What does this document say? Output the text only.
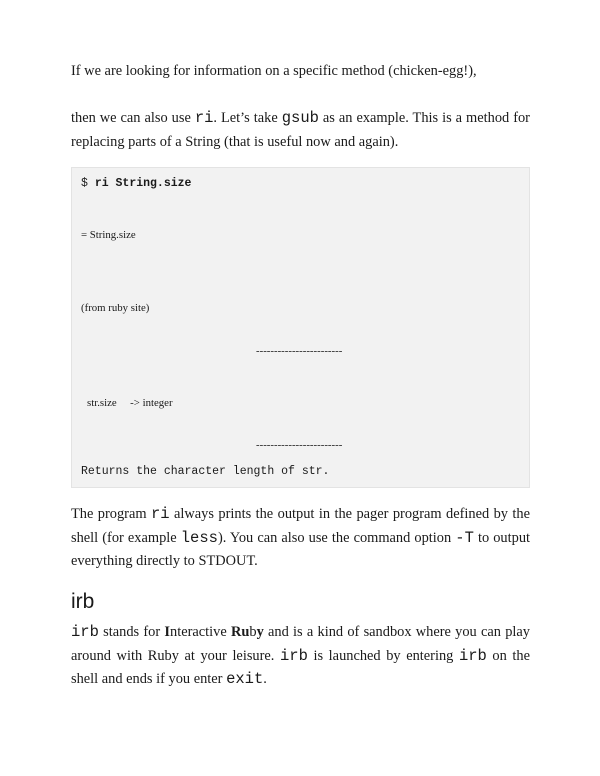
If we are looking for information on a specific method (chicken-egg!),

then we can also use ri. Let’s take gsub as an example. This is a method for replacing parts of a String (that is useful now and again).

$ ri String.size
= String.size
(from ruby site)
------------------------
str.size     -> integer
------------------------
Returns the character length of str.

The program ri always prints the output in the pager program defined by the shell (for example less). You can also use the command option -T to output everything directly to STDOUT.

irb

irb stands for Interactive Ruby and is a kind of sandbox where you can play around with Ruby at your leisure. irb is launched by entering irb on the shell and ends if you enter exit.
